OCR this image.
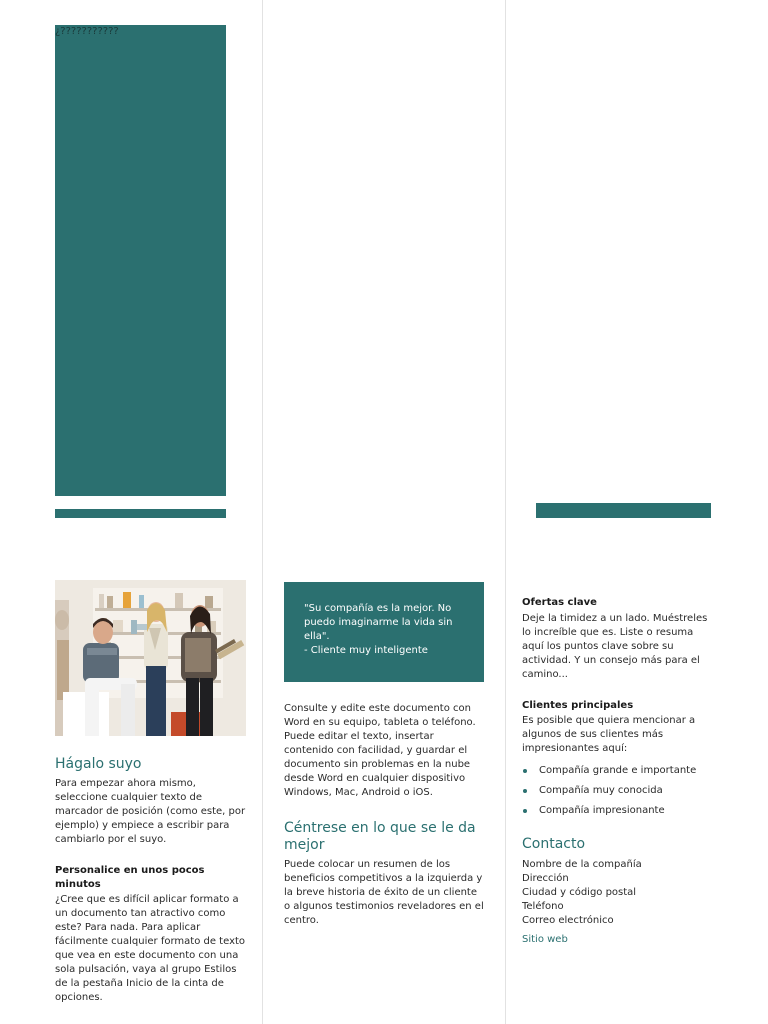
¿???????????
Hágalo suyo

Para empezar ahora mismo, seleccione cualquier texto de marcador de posición (como este, por ejemplo) y empiece a escribir para cambiarlo por el suyo.

Personalice en unos pocos minutos

¿Cree que es difícil aplicar formato a un documento tan atractivo como este? Para nada. Para aplicar fácilmente cualquier formato de texto que vea en este documento con una sola pulsación, vaya al grupo Estilos de la pestaña Inicio de la cinta de opciones.

"Su compañía es la mejor. No puedo imaginarme la vida sin ella".
- Cliente muy inteligente

Consulte y edite este documento con Word en su equipo, tableta o teléfono. Puede editar el texto, insertar contenido con facilidad, y guardar el documento sin problemas en la nube desde Word en cualquier dispositivo Windows, Mac, Android o iOS.

Céntrese en lo que se le da mejor

Puede colocar un resumen de los beneficios competitivos a la izquierda y la breve historia de éxito de un cliente o algunos testimonios reveladores en el centro.

Ofertas clave

Deje la timidez a un lado. Muéstreles lo increíble que es. Liste o resuma aquí los puntos clave sobre su actividad. Y un consejo más para el camino...

Clientes principales

Es posible que quiera mencionar a algunos de sus clientes más impresionantes aquí:

Compañía grande e importante
Compañía muy conocida
Compañía impresionante
Contacto
Nombre de la compañía
Dirección
Ciudad y código postal
Teléfono
Correo electrónico
Sitio web
